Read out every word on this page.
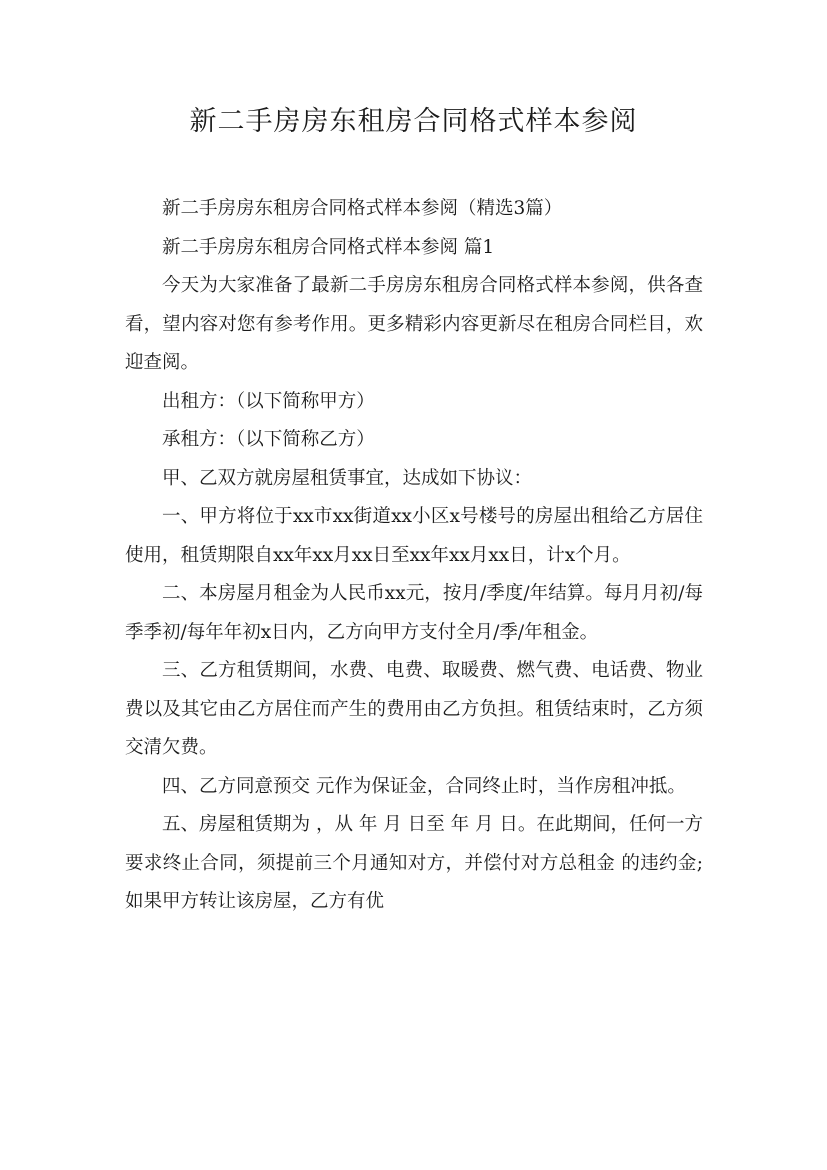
新二手房房东租房合同格式样本参阅

新二手房房东租房合同格式样本参阅（精选3篇）

新二手房房东租房合同格式样本参阅 篇1

今天为大家准备了最新二手房房东租房合同格式样本参阅，供各查看，望内容对您有参考作用。更多精彩内容更新尽在租房合同栏目，欢迎查阅。

出租方：（以下简称甲方）

承租方：（以下简称乙方）

甲、乙双方就房屋租赁事宜，达成如下协议：

一、甲方将位于xx市xx街道xx小区x号楼号的房屋出租给乙方居住使用，租赁期限自xx年xx月xx日至xx年xx月xx日，计x个月。

二、本房屋月租金为人民币xx元，按月/季度/年结算。每月月初/每季季初/每年年初x日内，乙方向甲方支付全月/季/年租金。

三、乙方租赁期间，水费、电费、取暖费、燃气费、电话费、物业费以及其它由乙方居住而产生的费用由乙方负担。租赁结束时，乙方须交清欠费。

四、乙方同意预交 元作为保证金，合同终止时，当作房租冲抵。

五、房屋租赁期为 ，从 年 月 日至 年 月 日。在此期间，任何一方要求终止合同，须提前三个月通知对方，并偿付对方总租金 的违约金;如果甲方转让该房屋，乙方有优
